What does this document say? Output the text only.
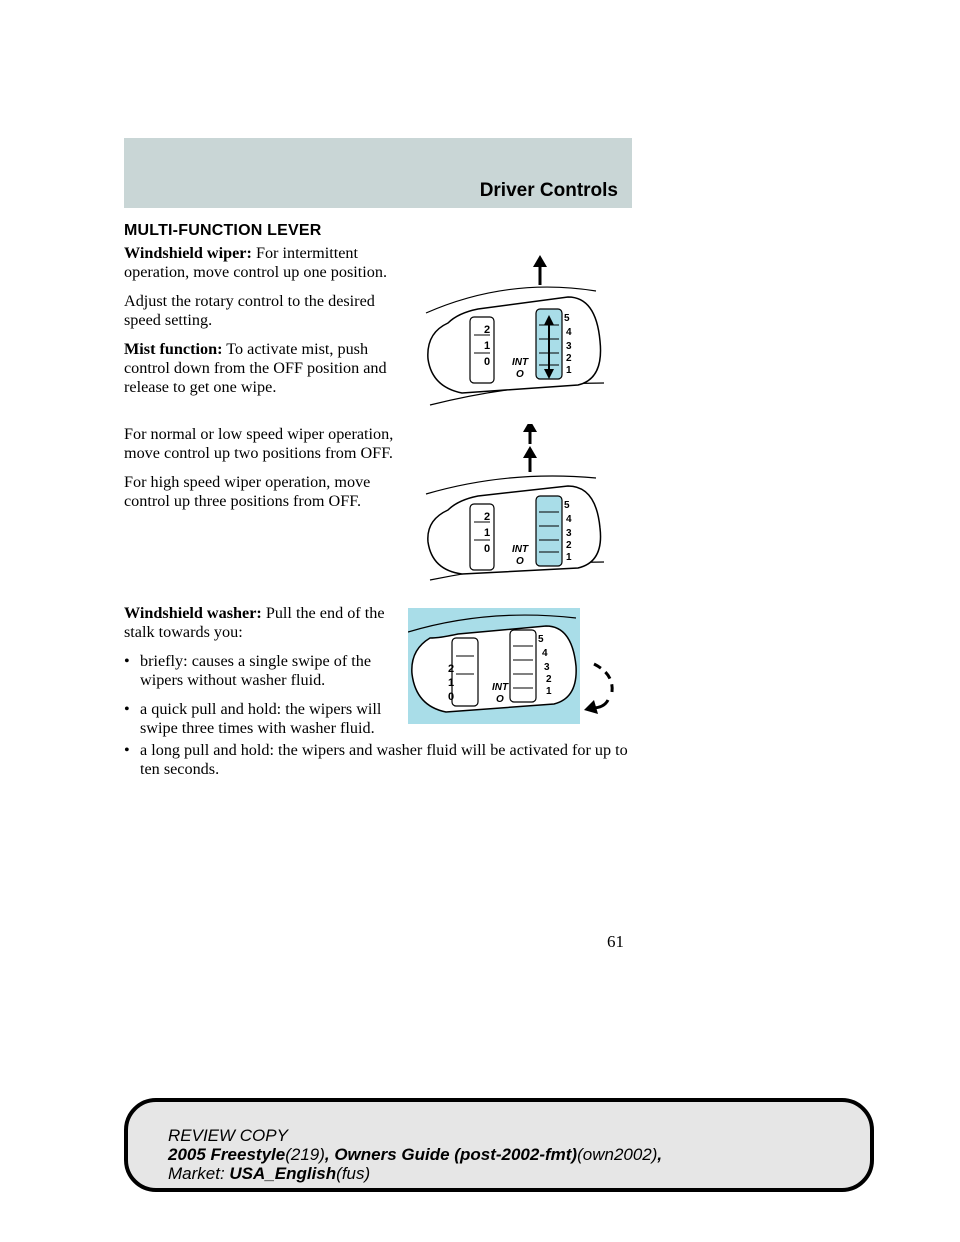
Driver Controls
MULTI-FUNCTION LEVER

Windshield wiper: For intermittent operation, move control up one position.

Adjust the rotary control to the desired speed setting.

Mist function: To activate mist, push control down from the OFF position and release to get one wipe.

For normal or low speed wiper operation, move control up two positions from OFF.

For high speed wiper operation, move control up three positions from OFF.

Windshield washer: Pull the end of the stalk towards you:

• briefly: causes a single swipe of the wipers without washer fluid.

• a quick pull and hold: the wipers will swipe three times with washer fluid.

• a long pull and hold: the wipers and washer fluid will be activated for up to ten seconds.
2
1
0 INT
O
5
4
3
2
1
2
1
0 INT
O
5
4
3
2
1
2
1
0
INT
O
5
4
3
2
1
61
REVIEW COPY
2005 Freestyle(219), Owners Guide (post-2002-fmt)(own2002),
Market: USA_English(fus)
